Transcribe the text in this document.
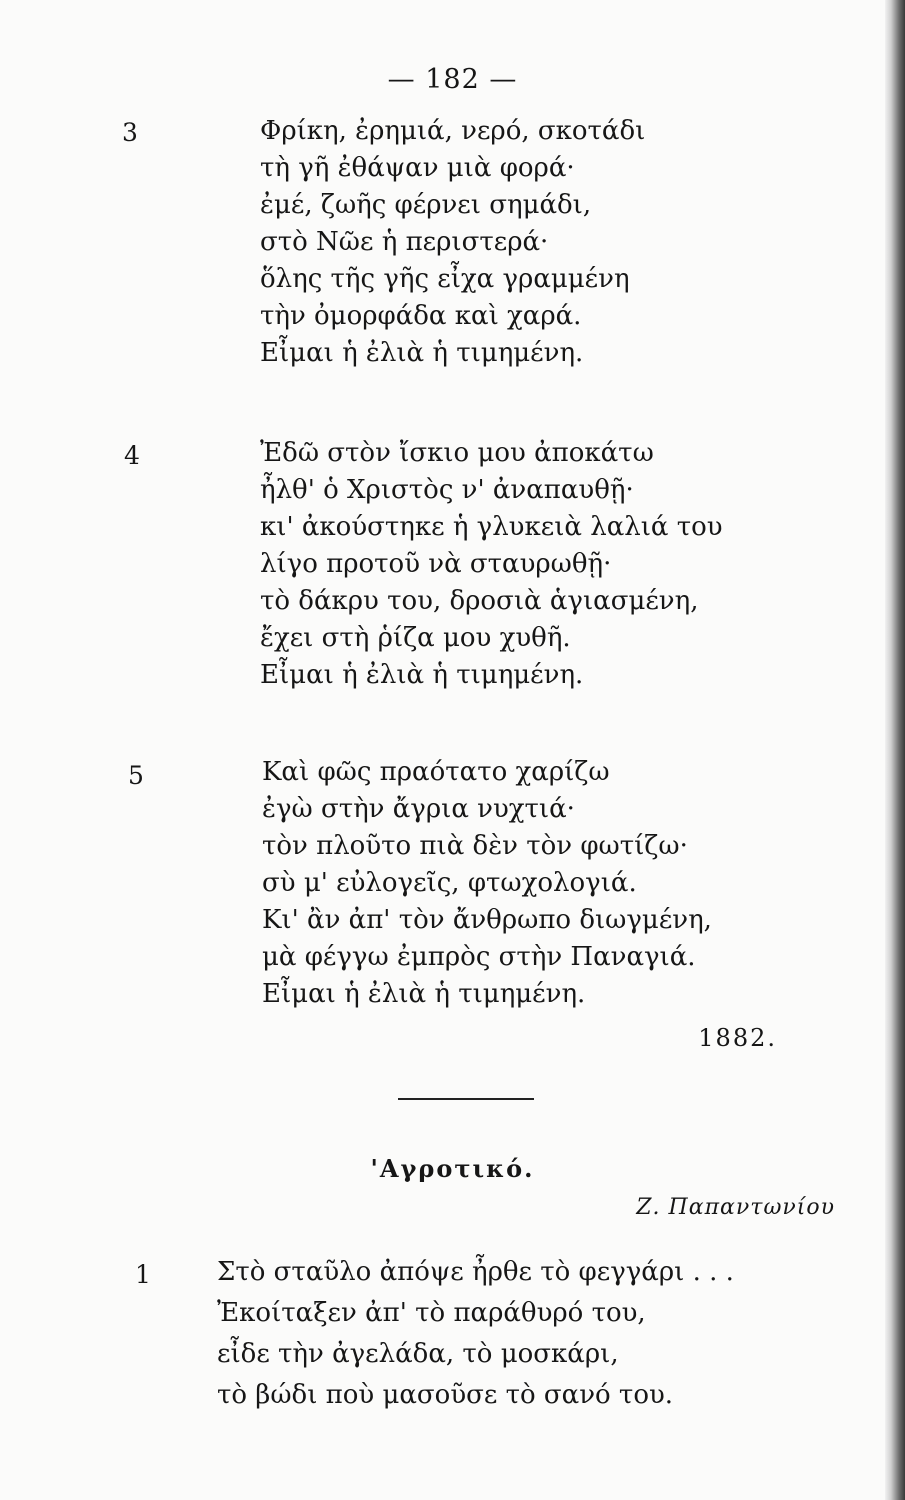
— 182 —
3	Φρίκη, ἐρημιά, νερό, σκοτάδι
τὴ γῆ ἐθάψαν μιὰ φορά·
ἐμέ, ζωῆς φέρνει σημάδι,
στὸ Νῶε ἡ περιστερά·
ὅλης τῆς γῆς εἶχα γραμμένη
τὴν ὀμορφάδα καὶ χαρά.
Εἶμαι ἡ ἐλιὰ ἡ τιμημένη.
4	Ἐδῶ στὸν ἴσκιο μου ἀποκάτω
ἦλθ' ὁ Χριστὸς ν' ἀναπαυθῇ·
κι' ἀκούστηκε ἡ γλυκειὰ λαλιά του
λίγο προτοῦ νὰ σταυρωθῇ·
τὸ δάκρυ του, δροσιὰ ἁγιασμένη,
ἔχει στὴ ῥίζα μου χυθῆ.
Εἶμαι ἡ ἐλιὰ ἡ τιμημένη.
5	Καὶ φῶς πραότατο χαρίζω
ἐγὼ στὴν ἄγρια νυχτιά·
τὸν πλοῦτο πιὰ δὲν τὸν φωτίζω·
σὺ μ' εὐλογεῖς, φτωχολογιά.
Κι' ἂν ἀπ' τὸν ἄνθρωπο διωγμένη,
μὰ φέγγω ἐμπρὸς στὴν Παναγιά.
Εἶμαι ἡ ἐλιὰ ἡ τιμημένη.
1882.
'Αγροτικό.
Ζ. Παπαντωνίου
1	Στὸ σταῦλο ἀπόψε ἦρθε τὸ φεγγάρι . . .
Ἐκοίταξεν ἀπ' τὸ παράθυρό του,
εἶδε τὴν ἀγελάδα, τὸ μοσκάρι,
τὸ βώδι ποὺ μασοῦσε τὸ σανό του.
